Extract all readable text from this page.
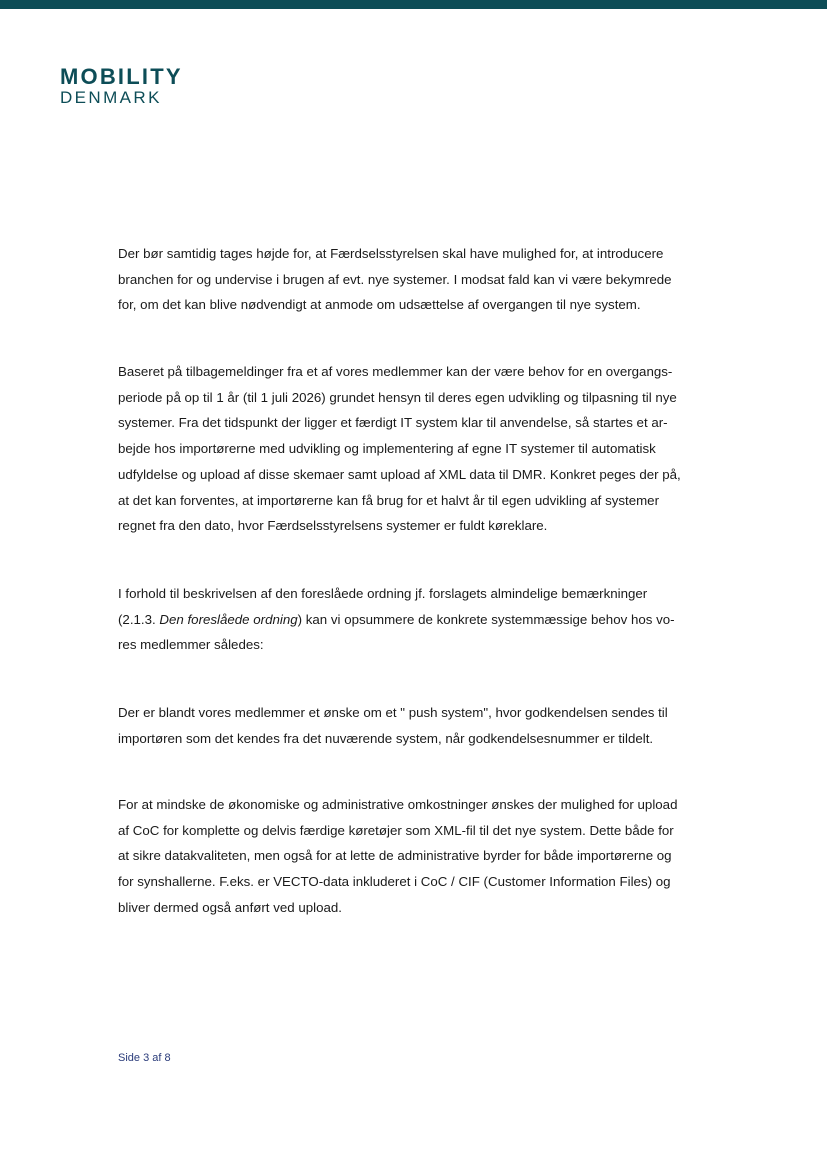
MOBILITY
DENMARK

Der bør samtidig tages højde for, at Færdselsstyrelsen skal have mulighed for, at introducere
branchen for og undervise i brugen af evt. nye systemer. I modsat fald kan vi være bekymrede
for, om det kan blive nødvendigt at anmode om udsættelse af overgangen til nye system.

Baseret på tilbagemeldinger fra et af vores medlemmer kan der være behov for en overgangs-
periode på op til 1 år (til 1 juli 2026) grundet hensyn til deres egen udvikling og tilpasning til nye
systemer. Fra det tidspunkt der ligger et færdigt IT system klar til anvendelse, så startes et ar-
bejde hos importørerne med udvikling og implementering af egne IT systemer til automatisk
udfyldelse og upload af disse skemaer samt upload af XML data til DMR. Konkret peges der på,
at det kan forventes, at importørerne kan få brug for et halvt år til egen udvikling af systemer
regnet fra den dato, hvor Færdselsstyrelsens systemer er fuldt køreklare.

I forhold til beskrivelsen af den foreslåede ordning jf. forslagets almindelige bemærkninger
(2.1.3. Den foreslåede ordning) kan vi opsummere de konkrete systemmæssige behov hos vo-
res medlemmer således:

Der er blandt vores medlemmer et ønske om et " push system", hvor godkendelsen sendes til
importøren som det kendes fra det nuværende system, når godkendelsesnummer er tildelt.

For at mindske de økonomiske og administrative omkostninger ønskes der mulighed for upload
af CoC for komplette og delvis færdige køretøjer som XML-fil til det nye system. Dette både for
at sikre datakvaliteten, men også for at lette de administrative byrder for både importørerne og
for synshallerne. F.eks. er VECTO-data inkluderet i CoC / CIF (Customer Information Files) og
bliver dermed også anført ved upload.

Side 3 af 8
